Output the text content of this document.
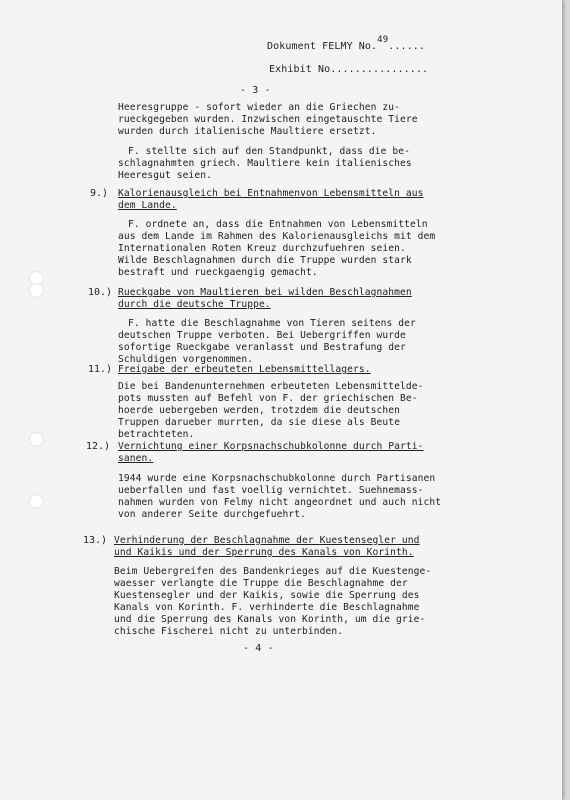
Dokument FELMY No.49......
Exhibit No................
- 3 -
Heeresgruppe - sofort wieder an die Griechen zu-
rueckgegeben wurden. Inzwischen eingetauschte Tiere
wurden durch italienische Maultiere ersetzt.
F. stellte sich auf den Standpunkt, dass die be-
schlagnahmten griech. Maultiere kein italienisches
Heeresgut seien.
9.) Kalorienausgleich bei Entnahmenvon Lebensmitteln aus
dem Lande.
F. ordnete an, dass die Entnahmen von Lebensmitteln
aus dem Lande im Rahmen des Kalorienausgleichs mit dem
Internationalen Roten Kreuz durchzufuehren seien.
Wilde Beschlagnahmen durch die Truppe wurden stark
bestraft und rueckgaengig gemacht.
10.) Rueckgabe von Maultieren bei wilden Beschlagnahmen
durch die deutsche Truppe.
F. hatte die Beschlagnahme von Tieren seitens der
deutschen Truppe verboten. Bei Uebergriffen wurde
sofortige Rueckgabe veranlasst und Bestrafung der
Schuldigen vorgenommen.
11.) Freigabe der erbeuteten Lebensmittellagers.
Die bei Bandenunternehmen erbeuteten Lebensmittelde-
pots mussten auf Befehl von F. der griechischen Be-
hoerde uebergeben werden, trotzdem die deutschen
Truppen darueber murrten, da sie diese als Beute
betrachteten.
12.) Vernichtung einer Korpsnachschubkolonne durch Parti-
sanen.
1944 wurde eine Korpsnachschubkolonne durch Partisanen
ueberfallen und fast voellig vernichtet. Suehnemass-
nahmen wurden von Felmy nicht angeordnet und auch nicht
von anderer Seite durchgefuehrt.
13.) Verhinderung der Beschlagnahme der Kuestensegler und
und Kaikis und der Sperrung des Kanals von Korinth.
Beim Uebergreifen des Bandenkrieges auf die Kuestenge-
waesser verlangte die Truppe die Beschlagnahme der
Kuestensegler und der Kaikis, sowie die Sperrung des
Kanals von Korinth. F. verhinderte die Beschlagnahme
und die Sperrung des Kanals von Korinth, um die grie-
chische Fischerei nicht zu unterbinden.
- 4 -
